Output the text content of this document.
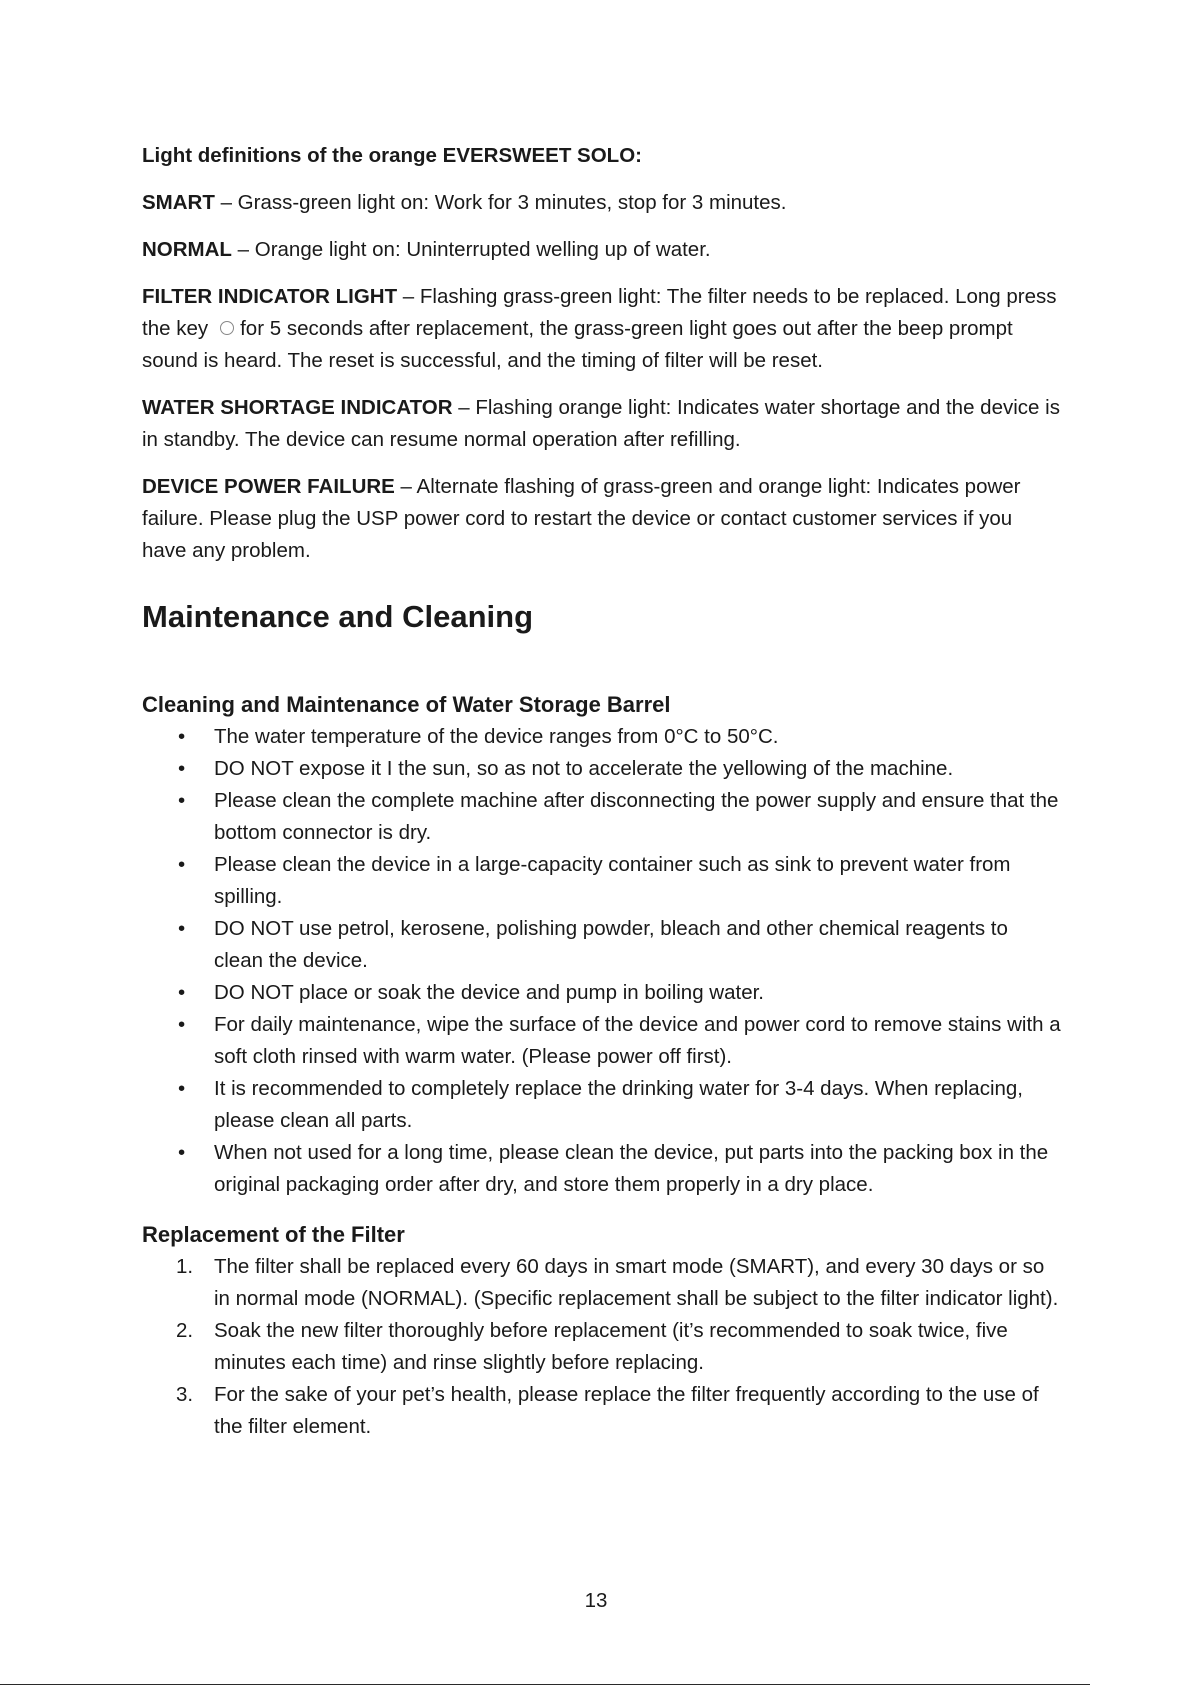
Light definitions of the orange EVERSWEET SOLO:

SMART – Grass-green light on: Work for 3 minutes, stop for 3 minutes.

NORMAL – Orange light on: Uninterrupted welling up of water.

FILTER INDICATOR LIGHT – Flashing grass-green light: The filter needs to be replaced. Long press the key for 5 seconds after replacement, the grass-green light goes out after the beep prompt sound is heard. The reset is successful, and the timing of filter will be reset.

WATER SHORTAGE INDICATOR – Flashing orange light: Indicates water shortage and the device is in standby. The device can resume normal operation after refilling.

DEVICE POWER FAILURE – Alternate flashing of grass-green and orange light: Indicates power failure. Please plug the USP power cord to restart the device or contact customer services if you have any problem.

Maintenance and Cleaning
Cleaning and Maintenance of Water Storage Barrel
• The water temperature of the device ranges from 0°C to 50°C.
• DO NOT expose it I the sun, so as not to accelerate the yellowing of the machine.
• Please clean the complete machine after disconnecting the power supply and ensure that the bottom connector is dry.
• Please clean the device in a large-capacity container such as sink to prevent water from spilling.
• DO NOT use petrol, kerosene, polishing powder, bleach and other chemical reagents to clean the device.
• DO NOT place or soak the device and pump in boiling water.
• For daily maintenance, wipe the surface of the device and power cord to remove stains with a soft cloth rinsed with warm water. (Please power off first).
• It is recommended to completely replace the drinking water for 3-4 days. When replacing, please clean all parts.
• When not used for a long time, please clean the device, put parts into the packing box in the original packaging order after dry, and store them properly in a dry place.
Replacement of the Filter
1. The filter shall be replaced every 60 days in smart mode (SMART), and every 30 days or so in normal mode (NORMAL). (Specific replacement shall be subject to the filter indicator light).
2. Soak the new filter thoroughly before replacement (it’s recommended to soak twice, five minutes each time) and rinse slightly before replacing.
3. For the sake of your pet’s health, please replace the filter frequently according to the use of the filter element.
13
